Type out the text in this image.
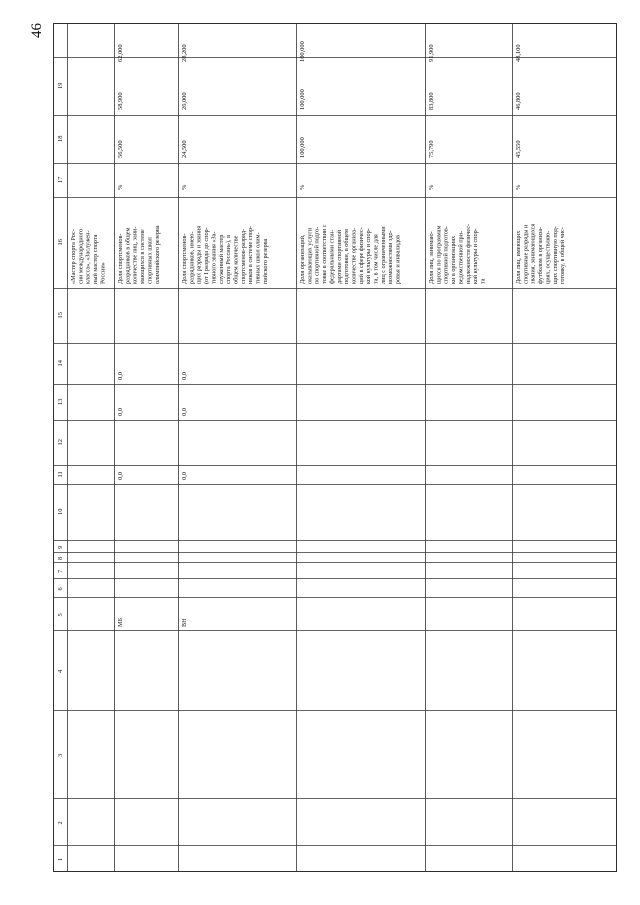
46
1
2
3
4
5
6
7
8
9
10
11
12
13
14
15
16
17
18
19
«Мастер спорта Рос- сии международного класса», «Заслужен- ный мастер спорта России»
МБ
0,0
0,0
0,0
Доля спортсменов- разрядников в общем количестве лиц, зани- мающихся в системе спортивных школ олимпийского резерва
%
56,500
58,900
62,000
ВН
0,0
0,0
0,0
Доля спортсменов- разрядников, имею- щих разряды и звания (от I разряда до спор- тивного звания «За- служенный мастер спорта России»), в общем количестве спортсменов-разряд- ников в системе спор- тивных школ олим- пийского резерва
%
24,500
26,000
28,200
Доля организаций, оказывающих услуги по спортивной подго- товке в соответствии с федеральными стан- дартами спортивной подготовки, в общем количестве организа- ций в сфере физичес- кой культуры и спор- та, в том числе для лиц с ограниченными возможностями здо- ровья и инвалидов
%
100,000
100,000
100,000
Доля лиц, занимаю- щихся по программам спортивной подготов- ки в организациях ведомственной при- надлежности физичес- кой культуры и спор- та
%
75,790
83,800
91,900
Доля лиц, имеющих спортивные разряды и звания, занимающихся футболом в организа- циях, осуществляю- щих спортивную под- готовку, в общей чис-
%
45,550
46,800
48,100
